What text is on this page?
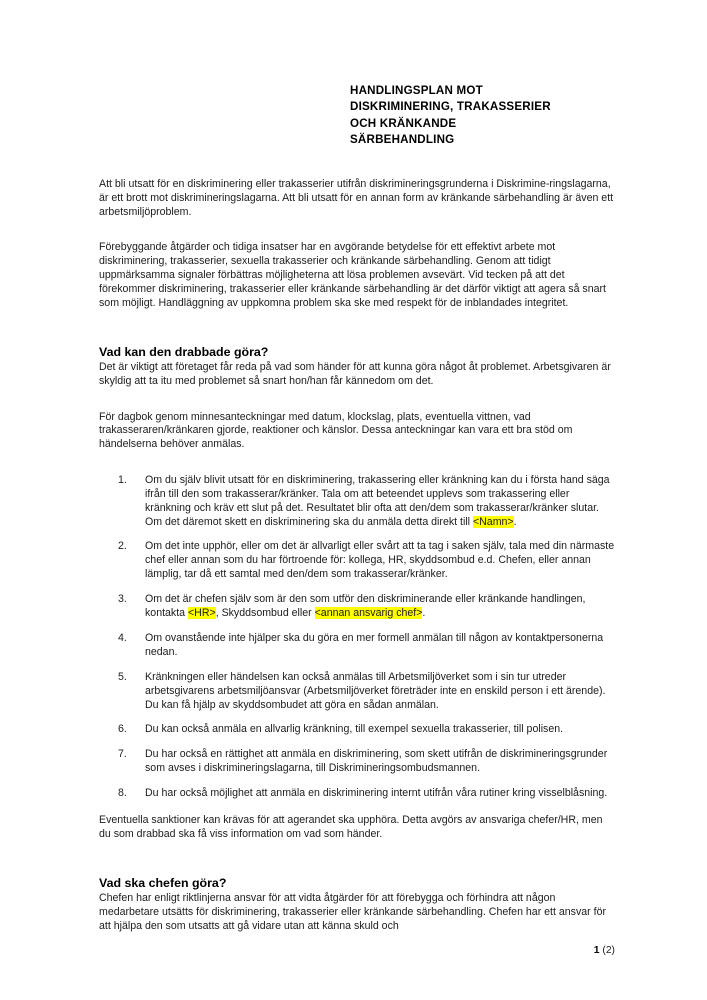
HANDLINGSPLAN MOT
DISKRIMINERING, TRAKASSERIER
OCH KRÄNKANDE
SÄRBEHANDLING

Att bli utsatt för en diskriminering eller trakasserier utifrån diskrimineringsgrunderna i Diskrimine-ringslagarna, är ett brott mot diskrimineringslagarna. Att bli utsatt för en annan form av kränkande särbehandling är även ett arbetsmiljöproblem.

Förebyggande åtgärder och tidiga insatser har en avgörande betydelse för ett effektivt arbete mot diskriminering, trakasserier, sexuella trakasserier och kränkande särbehandling. Genom att tidigt uppmärksamma signaler förbättras möjligheterna att lösa problemen avsevärt. Vid tecken på att det förekommer diskriminering, trakasserier eller kränkande särbehandling är det därför viktigt att agera så snart som möjligt. Handläggning av uppkomna problem ska ske med respekt för de inblandades integritet.

Vad kan den drabbade göra?

Det är viktigt att företaget får reda på vad som händer för att kunna göra något åt problemet. Arbetsgivaren är skyldig att ta itu med problemet så snart hon/han får kännedom om det.

För dagbok genom minnesanteckningar med datum, klockslag, plats, eventuella vittnen, vad trakasseraren/kränkaren gjorde, reaktioner och känslor. Dessa anteckningar kan vara ett bra stöd om händelserna behöver anmälas.

1. Om du själv blivit utsatt för en diskriminering, trakassering eller kränkning kan du i första hand säga ifrån till den som trakasserar/kränker. Tala om att beteendet upplevs som trakassering eller kränkning och kräv ett slut på det. Resultatet blir ofta att den/dem som trakasserar/kränker slutar. Om det däremot skett en diskriminering ska du anmäla detta direkt till <Namn>.
2. Om det inte upphör, eller om det är allvarligt eller svårt att ta tag i saken själv, tala med din närmaste chef eller annan som du har förtroende för: kollega, HR, skyddsombud e.d. Chefen, eller annan lämplig, tar då ett samtal med den/dem som trakasserar/kränker.
3. Om det är chefen själv som är den som utför den diskriminerande eller kränkande handlingen, kontakta <HR>, Skyddsombud eller <annan ansvarig chef>.
4. Om ovanstående inte hjälper ska du göra en mer formell anmälan till någon av kontaktpersonerna nedan.
5. Kränkningen eller händelsen kan också anmälas till Arbetsmiljöverket som i sin tur utreder arbetsgivarens arbetsmiljöansvar (Arbetsmiljöverket företräder inte en enskild person i ett ärende). Du kan få hjälp av skyddsombudet att göra en sådan anmälan.
6. Du kan också anmäla en allvarlig kränkning, till exempel sexuella trakasserier, till polisen.
7. Du har också en rättighet att anmäla en diskriminering, som skett utifrån de diskrimineringsgrunder som avses i diskrimineringslagarna, till Diskrimineringsombudsmannen.
8. Du har också möjlighet att anmäla en diskriminering internt utifrån våra rutiner kring visselblåsning.

Eventuella sanktioner kan krävas för att agerandet ska upphöra. Detta avgörs av ansvariga chefer/HR, men du som drabbad ska få viss information om vad som händer.

Vad ska chefen göra?

Chefen har enligt riktlinjerna ansvar för att vidta åtgärder för att förebygga och förhindra att någon medarbetare utsätts för diskriminering, trakasserier eller kränkande särbehandling. Chefen har ett ansvar för att hjälpa den som utsatts att gå vidare utan att känna skuld och

1 (2)
